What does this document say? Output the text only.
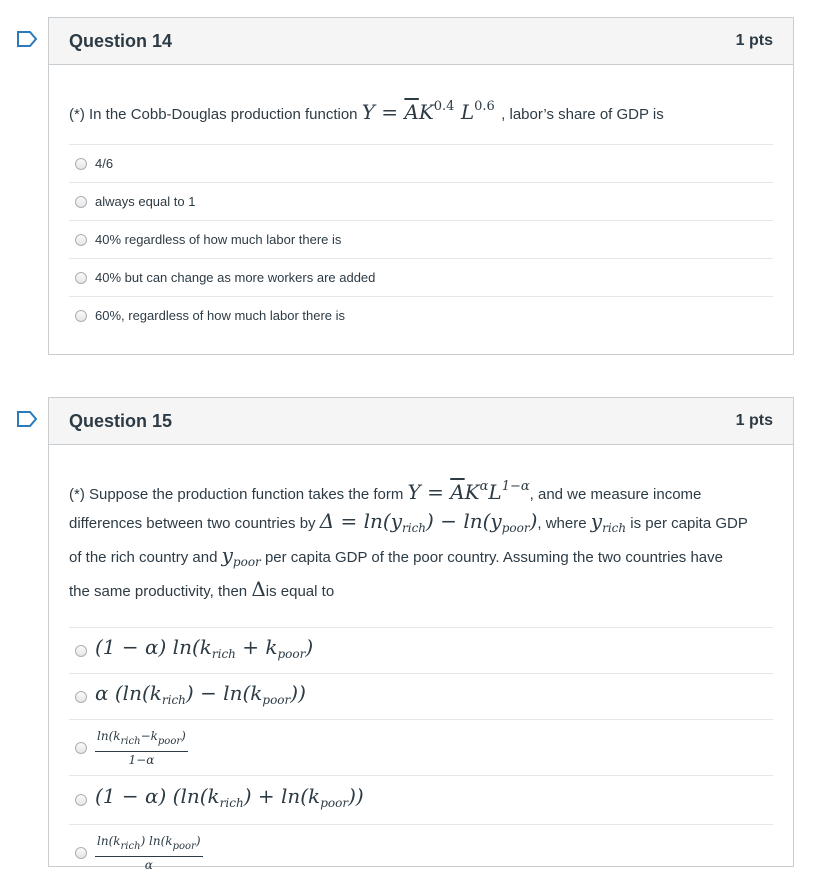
Question 14	1 pts
(*) In the Cobb-Douglas production function $Y = \overline{A}K^{0.4}$ $L^{0.6}$ , labor’s share of GDP is
4/6
always equal to 1
40% regardless of how much labor there is
40% but can change as more workers are added
60%, regardless of how much labor there is
Question 15	1 pts
(*) Suppose the production function takes the form $Y = \overline{A}K^\alpha L^{1-\alpha}$, and we measure income
differences between two countries by $\Delta = \ln(y_{rich}) - \ln(y_{poor})$, where $y_{rich}$ is per capita GDP
of the rich country and $y_{poor}$ per capita GDP of the poor country. Assuming the two countries have
the same productivity, then Δis equal to
(1 − α) $\ln(k_{rich} + k_{poor})$
α $(\ln(k_{rich}) - \ln(k_{poor}))$
$\frac{\ln(k_{rich}-k_{poor})}{1-\alpha}$
(1 − α) $(\ln(k_{rich}) + \ln(k_{poor}))$
$\frac{\ln(k_{rich}) \ln(k_{poor})}{\alpha}$
